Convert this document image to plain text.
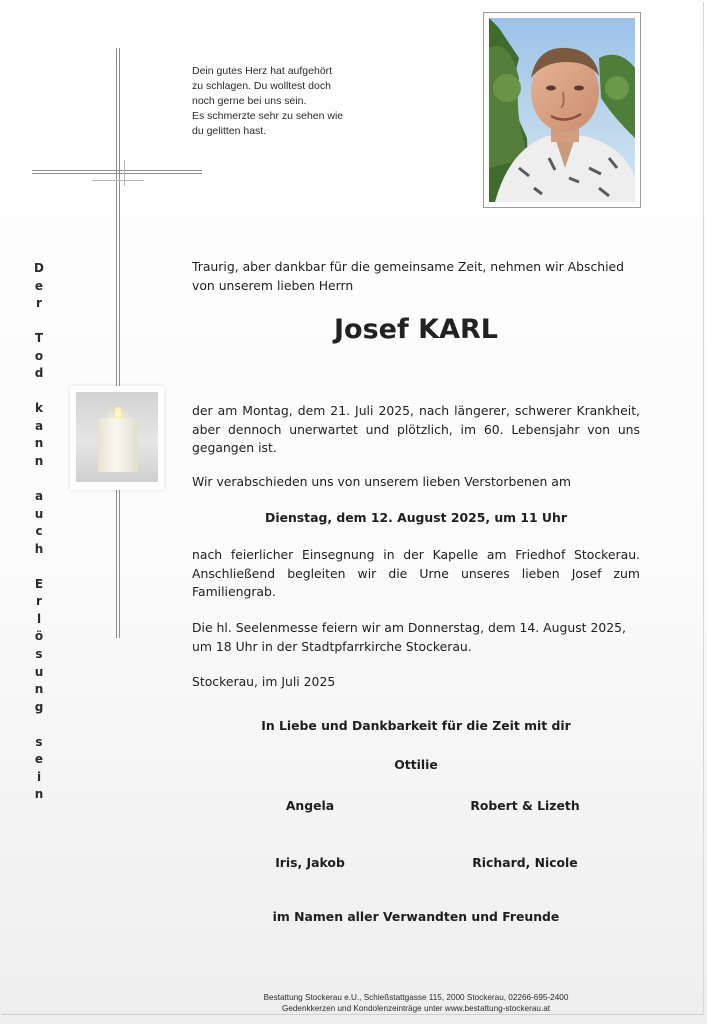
D
e
r
T
o
d
k
a
n
n
a
u
c
h
E
r
l
ö
s
u
n
g
s
e
i
n
Dein gutes Herz hat aufgehört
zu schlagen. Du wolltest doch
noch gerne bei uns sein.
Es schmerzte sehr zu sehen wie
du gelitten hast.
Traurig, aber dankbar für die gemeinsame Zeit, nehmen wir Abschied von unserem lieben Herrn
Josef KARL
der am Montag, dem 21. Juli 2025, nach längerer, schwerer Krankheit, aber dennoch unerwartet und plötzlich, im 60. Lebensjahr von uns gegangen ist.
Wir verabschieden uns von unserem lieben Verstorbenen am
Dienstag, dem 12. August 2025, um 11 Uhr
nach feierlicher Einsegnung in der Kapelle am Friedhof Stockerau. Anschließend begleiten wir die Urne unseres lieben Josef zum Familiengrab.
Die hl. Seelenmesse feiern wir am Donnerstag, dem 14. August 2025, um 18 Uhr in der Stadtpfarrkirche Stockerau.
Stockerau, im Juli 2025
In Liebe und Dankbarkeit für die Zeit mit dir
Ottilie
Angela	Robert & Lizeth
Iris, Jakob	Richard, Nicole
im Namen aller Verwandten und Freunde
Bestattung Stockerau e.U., Schießstattgasse 115, 2000 Stockerau, 02266-695-2400
Gedenkkerzen und Kondolenzeinträge unter www.bestattung-stockerau.at
